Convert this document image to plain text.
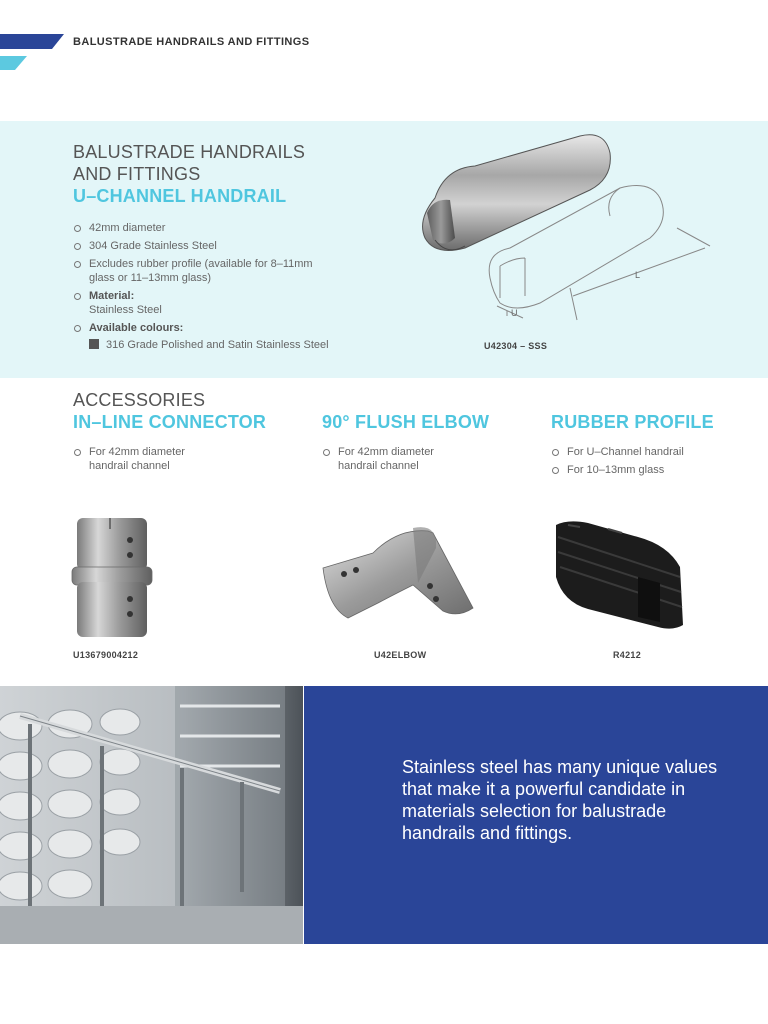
BALUSTRADE HANDRAILS AND FITTINGS
BALUSTRADE HANDRAILS
AND FITTINGS
U–CHANNEL HANDRAIL
42mm diameter
304 Grade Stainless Steel
Excludes rubber profile (available for 8–11mm glass or 11–13mm glass)
Material:
Stainless Steel
Available colours:
316 Grade Polished and Satin Stainless Steel
L
U
U42304 – SSS
ACCESSORIES
IN–LINE CONNECTOR	90° FLUSH ELBOW	RUBBER PROFILE
For 42mm diameter handrail channel
For 42mm diameter handrail channel
For U–Channel handrail
For 10–13mm glass
U13679004212	U42ELBOW	R4212
Stainless steel has many unique values that make it a powerful candidate in materials selection for balustrade handrails and fittings.
